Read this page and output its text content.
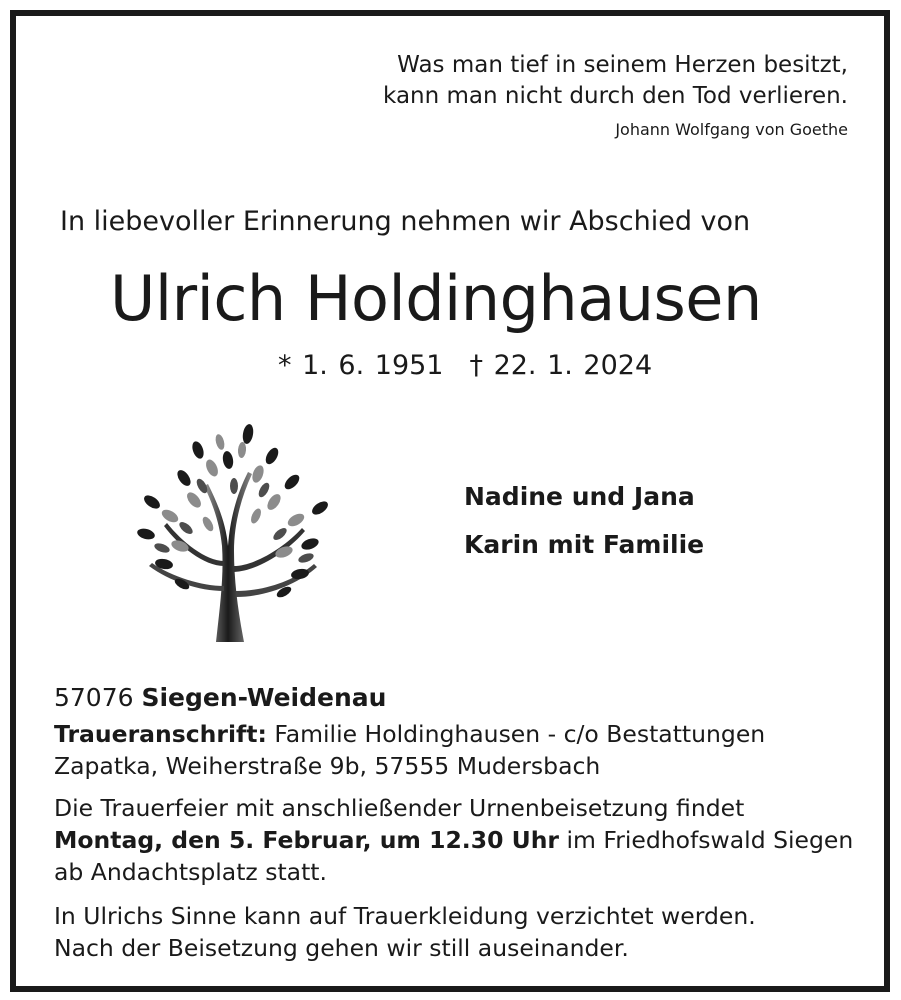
Was man tief in seinem Herzen besitzt,
kann man nicht durch den Tod verlieren.
Johann Wolfgang von Goethe
In liebevoller Erinnerung nehmen wir Abschied von
Ulrich Holdinghausen
* 1. 6. 1951 † 22. 1. 2024
Nadine und Jana
Karin mit Familie
57076 Siegen-Weidenau
Traueranschrift: Familie Holdinghausen - c/o Bestattungen
Zapatka, Weiherstraße 9b, 57555 Mudersbach
Die Trauerfeier mit anschließender Urnenbeisetzung findet
Montag, den 5. Februar, um 12.30 Uhr im Friedhofswald Siegen
ab Andachtsplatz statt.
In Ulrichs Sinne kann auf Trauerkleidung verzichtet werden.
Nach der Beisetzung gehen wir still auseinander.
